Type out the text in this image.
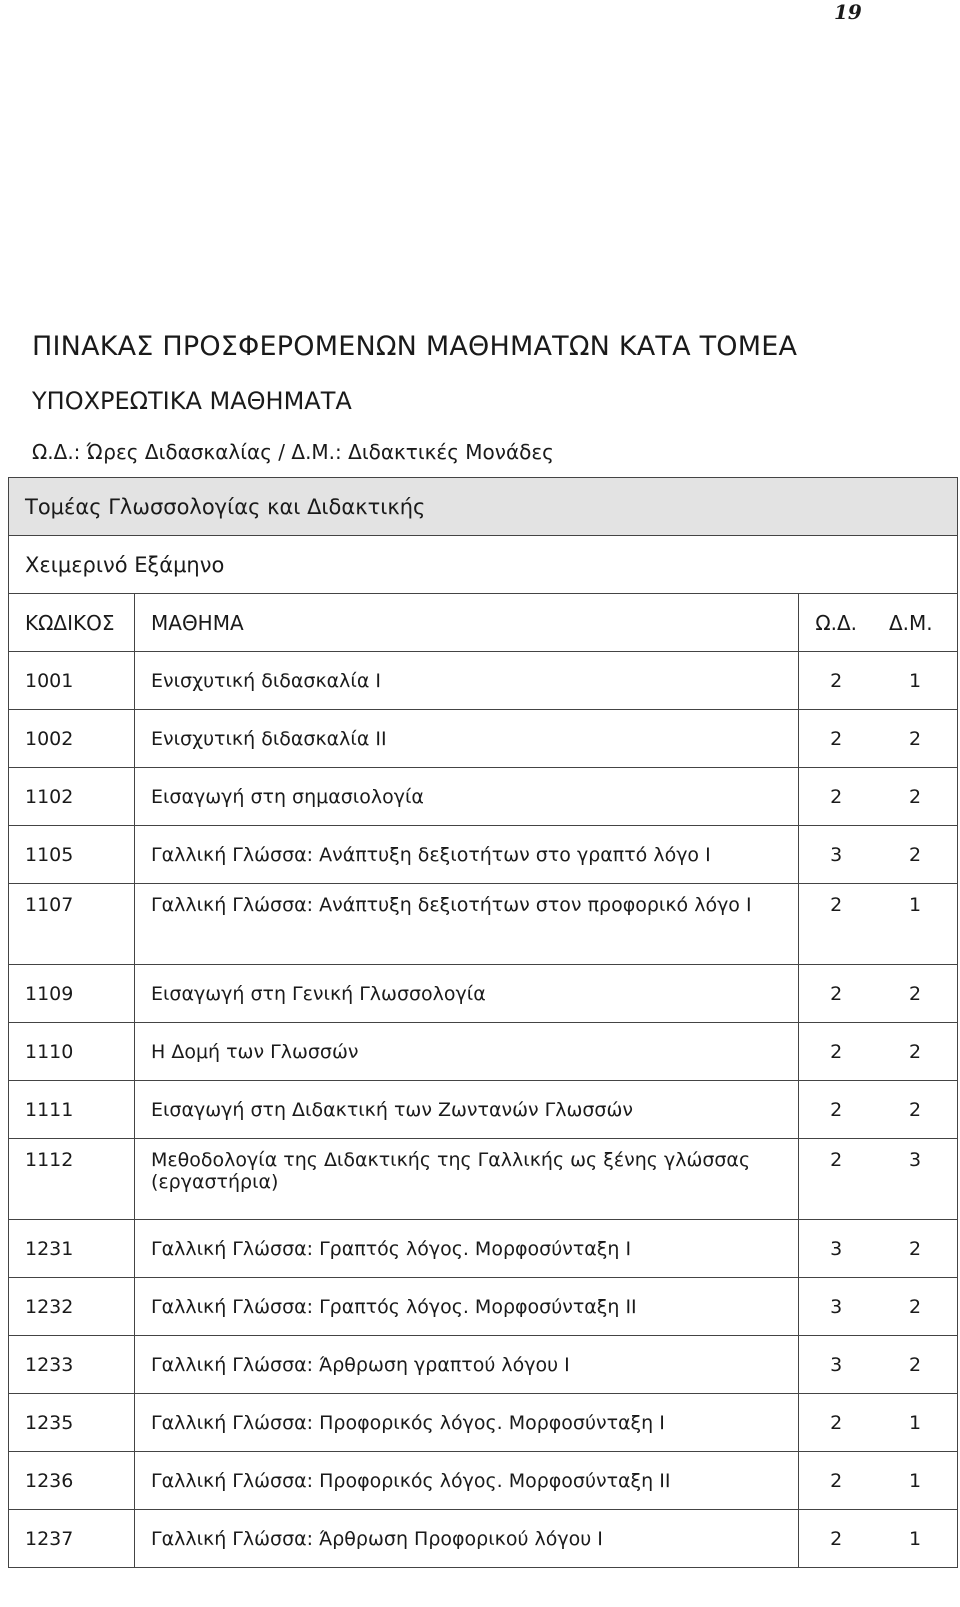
19
ΠΙΝΑΚΑΣ ΠΡΟΣΦΕΡΟΜΕΝΩΝ ΜΑΘΗΜΑΤΩΝ ΚΑΤΑ ΤΟΜΕΑ
ΥΠΟΧΡΕΩΤΙΚΑ ΜΑΘΗΜΑΤΑ
Ω.Δ.: Ώρες Διδασκαλίας / Δ.Μ.: Διδακτικές Μονάδες
Τομέας Γλωσσολογίας και Διδακτικής			
Χειμερινό Εξάμηνο			
ΚΩΔΙΚΟΣ	ΜΑΘΗΜΑ	Ω.Δ.	Δ.Μ.
1001	Ενισχυτική διδασκαλία Ι	2	1
1002	Ενισχυτική διδασκαλία ΙΙ	2	2
1102	Εισαγωγή στη σημασιολογία	2	2
1105	Γαλλική Γλώσσα: Ανάπτυξη δεξιοτήτων στο γραπτό λόγο Ι	3	2
1107	Γαλλική Γλώσσα: Ανάπτυξη δεξιοτήτων στον προφορικό λόγο Ι	2	1
1109	Εισαγωγή στη Γενική Γλωσσολογία	2	2
1110	Η Δομή των Γλωσσών	2	2
1111	Εισαγωγή στη Διδακτική των Ζωντανών Γλωσσών	2	2
1112	Μεθοδολογία της Διδακτικής της Γαλλικής ως ξένης γλώσσας (εργαστήρια)	2	3
1231	Γαλλική Γλώσσα: Γραπτός λόγος. Μορφοσύνταξη Ι	3	2
1232	Γαλλική Γλώσσα: Γραπτός λόγος. Μορφοσύνταξη ΙΙ	3	2
1233	Γαλλική Γλώσσα: Άρθρωση γραπτού λόγου Ι	3	2
1235	Γαλλική Γλώσσα: Προφορικός λόγος. Μορφοσύνταξη Ι	2	1
1236	Γαλλική Γλώσσα: Προφορικός λόγος. Μορφοσύνταξη ΙΙ	2	1
1237	Γαλλική Γλώσσα: Άρθρωση Προφορικού λόγου Ι	2	1
